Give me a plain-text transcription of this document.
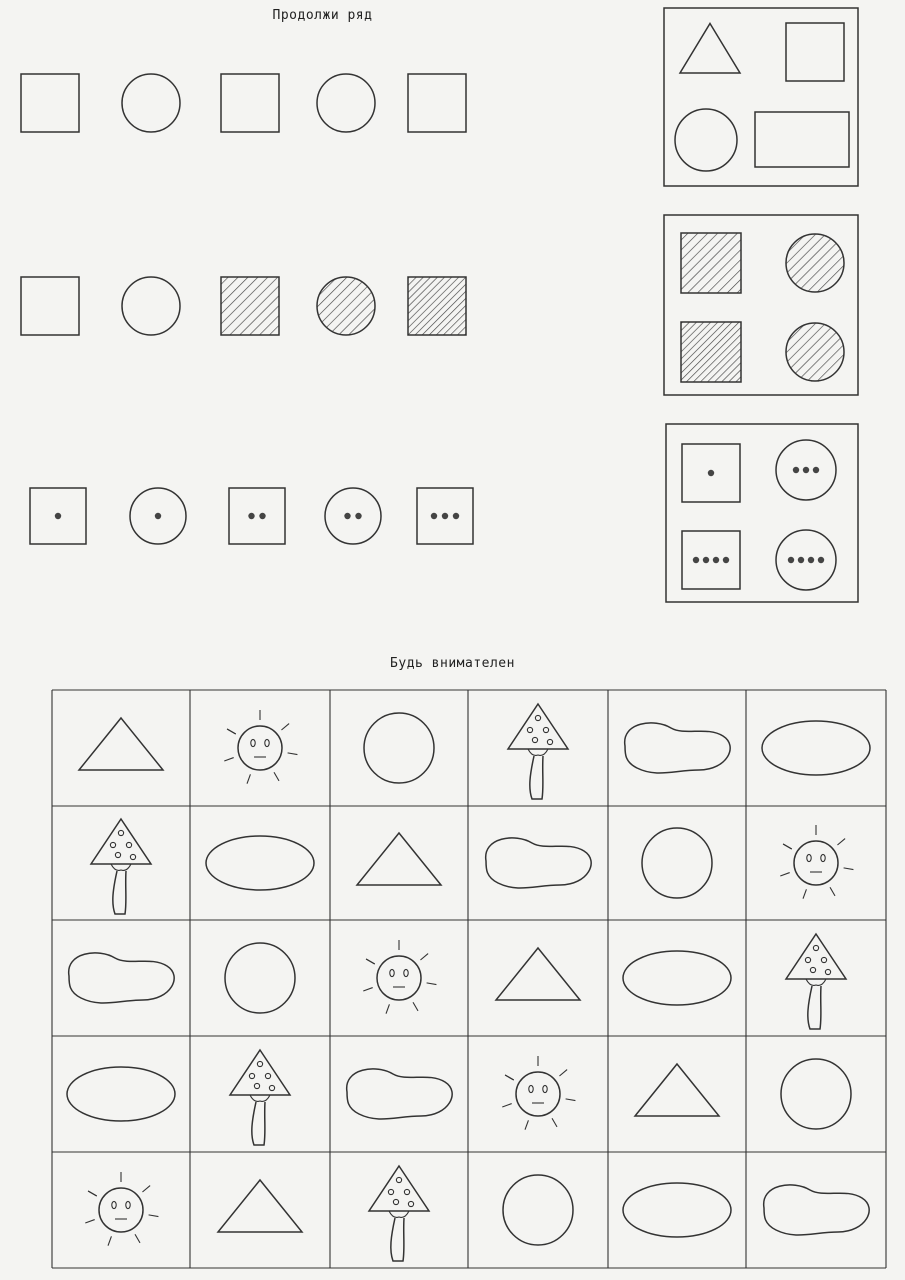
Продолжи ряд
Будь внимателен
